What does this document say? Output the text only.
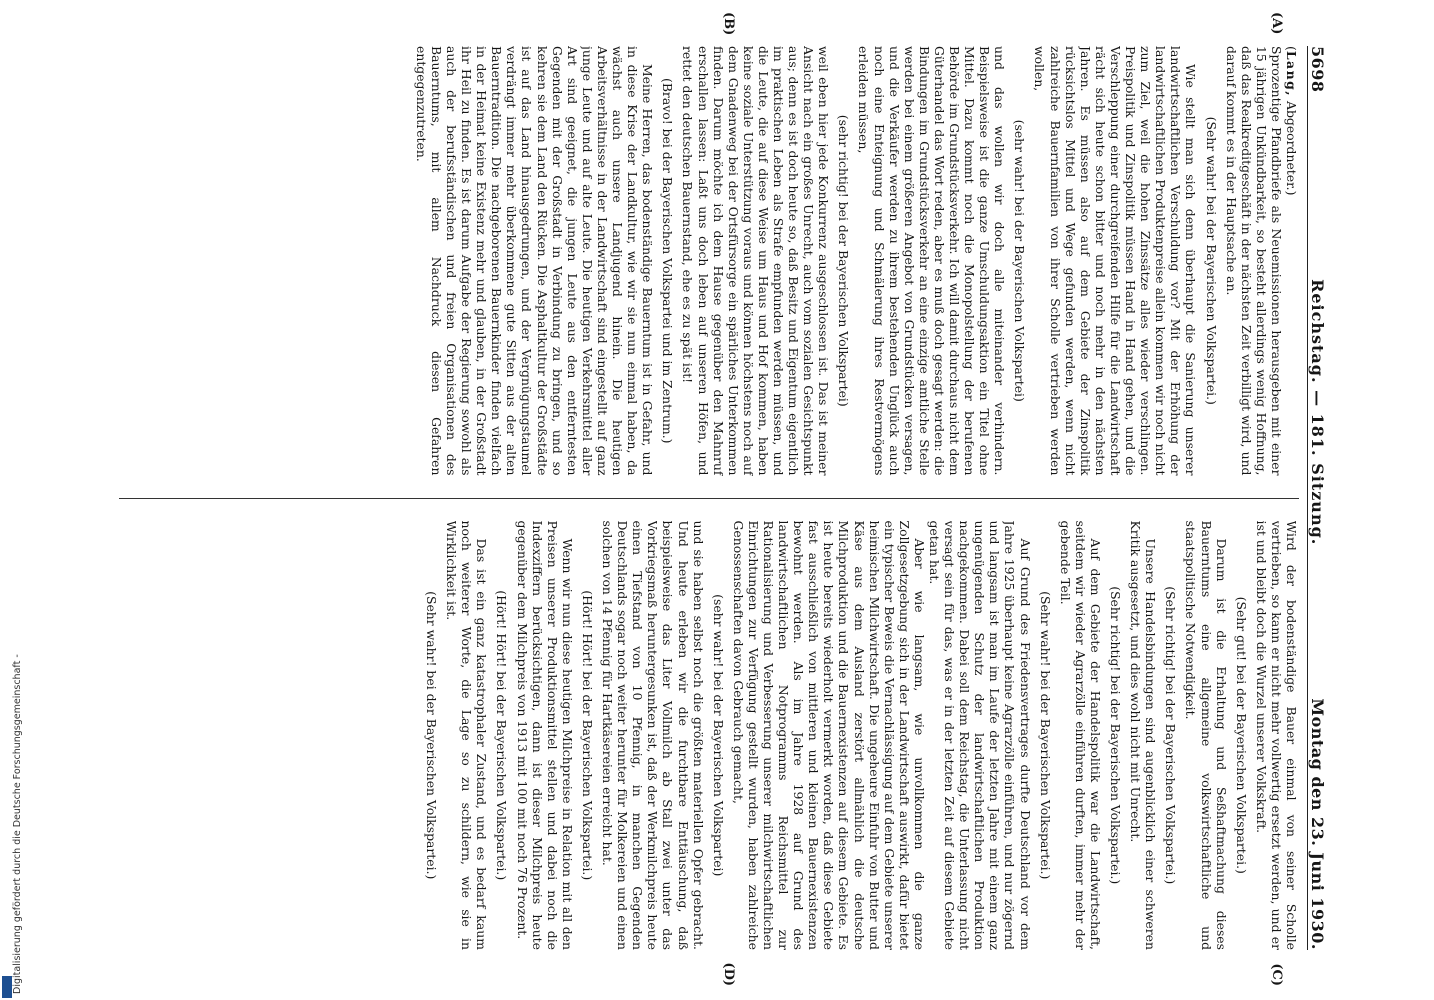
5698
Reichstag. — 181. Sitzung.
Montag den 23. Juni 1930.
(A)
(B)
(C)
(D)

(Lang, Abgeordneter.)

Sprozentige Pfandbriefe als Neuemissionen herausgeben mit einer 15 jährigen Unkündbarkeit, so besteht allerdings wenig Hoffnung, daß das Realkreditgeschäft in der nächsten Zeit verbilligt wird, und darauf kommt es in der Hauptsache an.

(Sehr wahr! bei der Bayerischen Volkspartei.)

Wie stellt man sich denn überhaupt die Sanierung unserer landwirtschaftlichen Verschuldung vor? Mit der Erhöhung der landwirtschaftlichen Produktenpreise allein kommen wir noch nicht zum Ziel, weil die hohen Zinssätze alles wieder verschlingen. Preispolitik und Zinspolitik müssen Hand in Hand gehen, und die Verschleppung einer durchgreifenden Hilfe für die Landwirtschaft rächt sich heute schon bitter und noch mehr in den nächsten Jahren. Es müssen also auf dem Gebiete der Zinspolitik rücksichtslos Mittel und Wege gefunden werden, wenn nicht zahlreiche Bauernfamilien von ihrer Scholle vertrieben werden wollen,

(sehr wahr! bei der Bayerischen Volkspartei)

und das wollen wir doch alle miteinander verhindern. Beispielsweise ist die ganze Umschuldungsaktion ein Titel ohne Mittel. Dazu kommt noch die Monopolstellung der berufenen Behörde im Grundstücksverkehr. Ich will damit durchaus nicht dem Güterhandel das Wort reden, aber es muß doch gesagt werden: die Bindungen im Grundstücksverkehr an eine einzige amtliche Stelle werden bei einem größeren Angebot von Grundstücken versagen, und die Verkäufer werden zu ihrem bestehenden Unglück auch noch eine Enteignung und Schmälerung ihres Restvermögens erleiden müssen,

(sehr richtig! bei der Bayerischen Volkspartei)

weil eben hier jede Konkurrenz ausgeschlossen ist. Das ist meiner Ansicht nach ein großes Unrecht, auch vom sozialen Gesichtspunkt aus; denn es ist doch heute so, daß Besitz und Eigentum eigentlich im praktischen Leben als Strafe empfunden werden müssen, und die Leute, die auf diese Weise um Haus und Hof kommen, haben keine soziale Unterstützung voraus und können höchstens noch auf dem Gnadenweg bei der Ortsfürsorge ein spärliches Unterkommen finden. Darum möchte ich dem Hause gegenüber den Mahnruf erschallen lassen: Laßt uns doch leben auf unseren Höfen, und rettet den deutschen Bauernstand, ehe es zu spät ist!

(Bravo! bei der Bayerischen Volkspartei und im Zentrum.)

Meine Herren, das bodenständige Bauerntum ist in Gefahr, und in diese Krise der Landkultur, wie wir sie nun einmal haben, da wächst auch unsere Landjugend hinein. Die heutigen Arbeitsverhältnisse in der Landwirtschaft sind eingestellt auf ganz junge Leute und auf alte Leute. Die heutigen Verkehrsmittel aller Art sind geeignet, die jungen Leute aus den entferntesten Gegenden mit der Großstadt in Verbindung zu bringen, und so kehren sie dem Land den Rücken. Die Asphaltkultur der Großstädte ist auf das Land hinausgedrungen, und der Vergnügungstaumel verdrängt immer mehr überkommene gute Sitten aus der alten Bauerntradition. Die nachgeborenen Bauernkinder finden vielfach in der Heimat keine Existenz mehr und glauben, in der Großstadt ihr Heil zu finden. Es ist darum Aufgabe der Regierung sowohl als auch der berufsständischen und freien Organisationen des Bauerntums, mit allem Nachdruck diesen Gefahren entgegenzutreten.

Wird der bodenständige Bauer einmal von seiner Scholle vertrieben, so kann er nicht mehr vollwertig ersetzt werden, und er ist und bleibt doch die Wurzel unserer Volkskraft.

(Sehr gut! bei der Bayerischen Volkspartei.)

Darum ist die Erhaltung und Seßhaftmachung dieses Bauerntums eine allgemeine volkswirtschaftliche und staatspolitische Notwendigkeit.

(Sehr richtig! bei der Bayerischen Volkspartei.)

Unsere Handelsbindungen sind augenblicklich einer schweren Kritik ausgesetzt, und dies wohl nicht mit Unrecht.

(Sehr richtig! bei der Bayerischen Volkspartei.)

Auf dem Gebiete der Handelspolitik war die Landwirtschaft, seitdem wir wieder Agrarzölle einführen durften, immer mehr der gebende Teil.

(Sehr wahr! bei der Bayerischen Volkspartei.)

Auf Grund des Friedensvertrages durfte Deutschland vor dem Jahre 1925 überhaupt keine Agrarzölle einführen, und nur zögernd und langsam ist man im Laufe der letzten Jahre mit einem ganz ungenügenden Schutz der landwirtschaftlichen Produktion nachgekommen. Dabei soll dem Reichstag, die Unterlassung nicht versagt sein für das, was er in der letzten Zeit auf diesem Gebiete getan hat.

Aber wie langsam, wie unvollkommen die ganze Zollgesetzgebung sich in der Landwirtschaft auswirkt, dafür bietet ein typischer Beweis die Vernachlässigung auf dem Gebiete unserer heimischen Milchwirtschaft. Die ungeheure Einfuhr von Butter und Käse aus dem Ausland zerstört allmählich die deutsche Milchproduktion und die Bauernexistenzen auf diesem Gebiete. Es ist heute bereits wiederholt vermerkt worden, daß diese Gebiete fast ausschließlich von mittleren und kleinen Bauernexistenzen bewohnt werden. Als im Jahre 1928 auf Grund des landwirtschaftlichen Notprogramms Reichsmittel zur Rationalisierung und Verbesserung unserer milchwirtschaftlichen Einrichtungen zur Verfügung gestellt wurden, haben zahlreiche Genossenschaften davon Gebrauch gemacht,

(sehr wahr! bei der Bayerischen Volkspartei)

und sie haben selbst noch die größten materiellen Opfer gebracht. Und heute erleben wir die furchtbare Enttäuschung, daß beispielsweise das Liter Vollmilch ab Stall zwei unter das Vorkriegsmaß heruntergesunken ist, daß der Werkmilchpreis heute einen Tiefstand von 10 Pfennig, in manchen Gegenden Deutschlands sogar noch weiter herunter für Molkereien und einen solchen von 14 Pfennig für Hartkäsereien erreicht hat.

(Hört! Hört! bei der Bayerischen Volkspartei.)

Wenn wir nun diese heutigen Milchpreise in Relation mit all den Preisen unserer Produktionsmittel stellen und dabei noch die Indexziffern berücksichtigen, dann ist dieser Milchpreis heute gegenüber dem Milchpreis von 1913 mit 100 mit noch 76 Prozent.

(Hört! Hört! bei der Bayerischen Volkspartei.)

Das ist ein ganz katastrophaler Zustand, und es bedarf kaum noch weiterer Worte, die Lage so zu schildern, wie sie in Wirklichkeit ist.

(Sehr wahr! bei der Bayerischen Volkspartei.)

Digitalisierung gefördert durch die Deutsche Forschungsgemeinschaft -
